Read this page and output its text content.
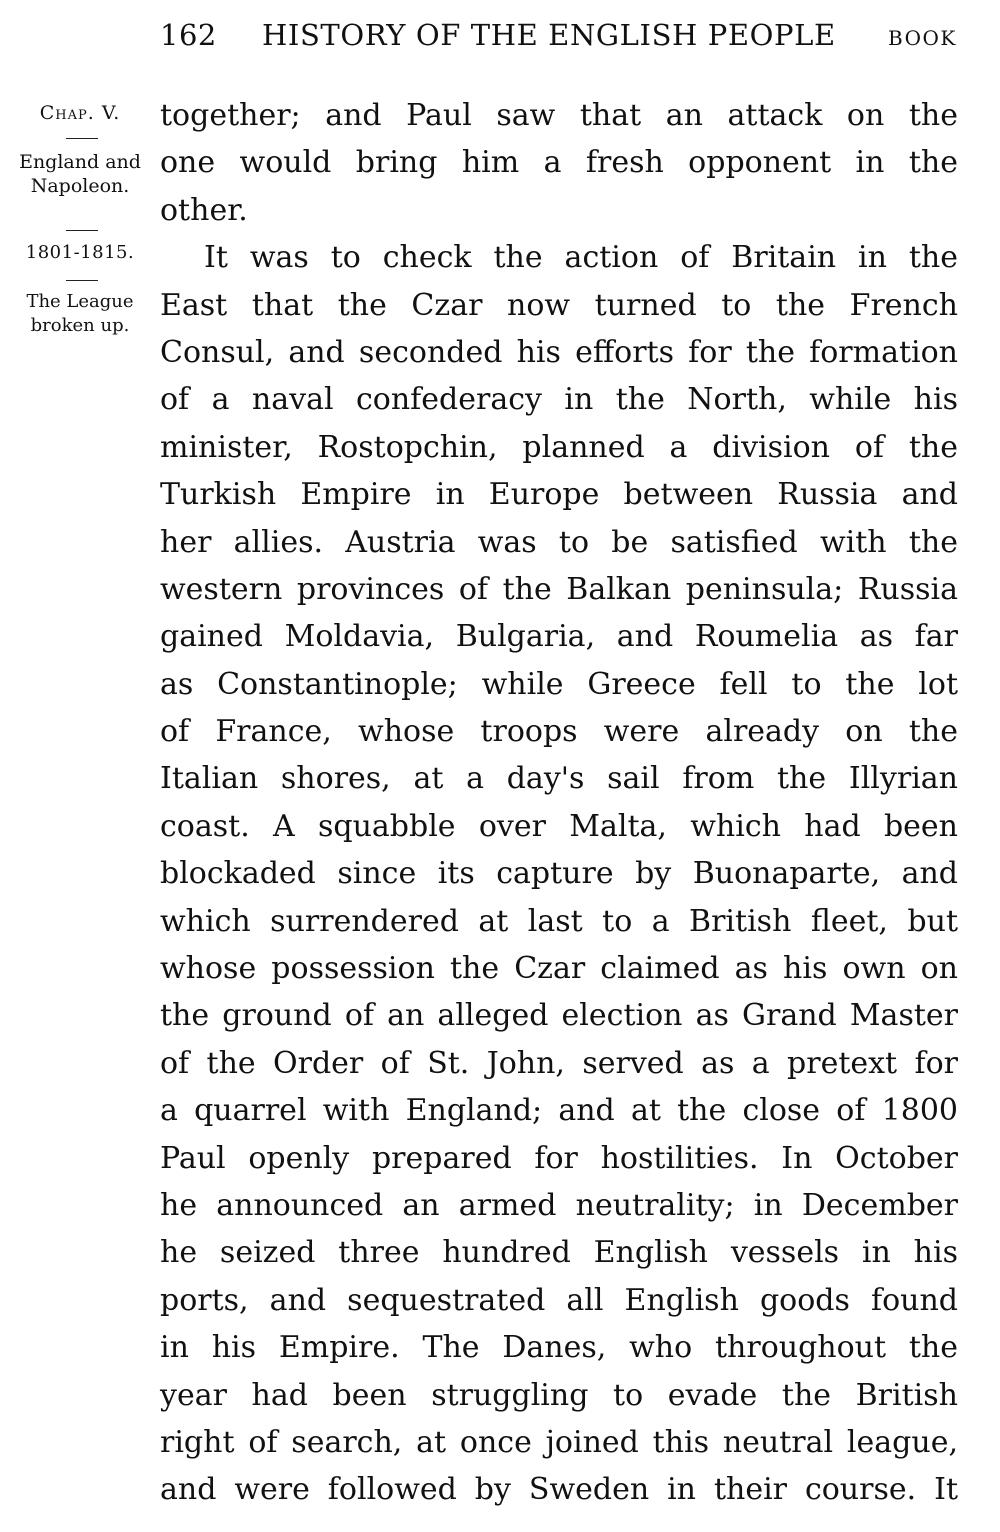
162 HISTORY OF THE ENGLISH PEOPLE	BOOK
Chap. V.
England and Napoleon.
1801-1815.
The League broken up.
together; and Paul saw that an attack on the
one would bring him a fresh opponent in the
other.
It was to check the action of Britain in the
East that the Czar now turned to the French
Consul, and seconded his efforts for the formation
of a naval confederacy in the North, while his
minister, Rostopchin, planned a division of the
Turkish Empire in Europe between Russia and
her allies. Austria was to be satisfied with the
western provinces of the Balkan peninsula; Russia
gained Moldavia, Bulgaria, and Roumelia as far
as Constantinople; while Greece fell to the lot
of France, whose troops were already on the
Italian shores, at a day's sail from the Illyrian
coast. A squabble over Malta, which had been
blockaded since its capture by Buonaparte, and
which surrendered at last to a British fleet, but
whose possession the Czar claimed as his own on
the ground of an alleged election as Grand Master
of the Order of St. John, served as a pretext for
a quarrel with England; and at the close of 1800
Paul openly prepared for hostilities. In October
he announced an armed neutrality; in December
he seized three hundred English vessels in his
ports, and sequestrated all English goods found
in his Empire. The Danes, who throughout the
year had been struggling to evade the British
right of search, at once joined this neutral league,
and were followed by Sweden in their course. It
